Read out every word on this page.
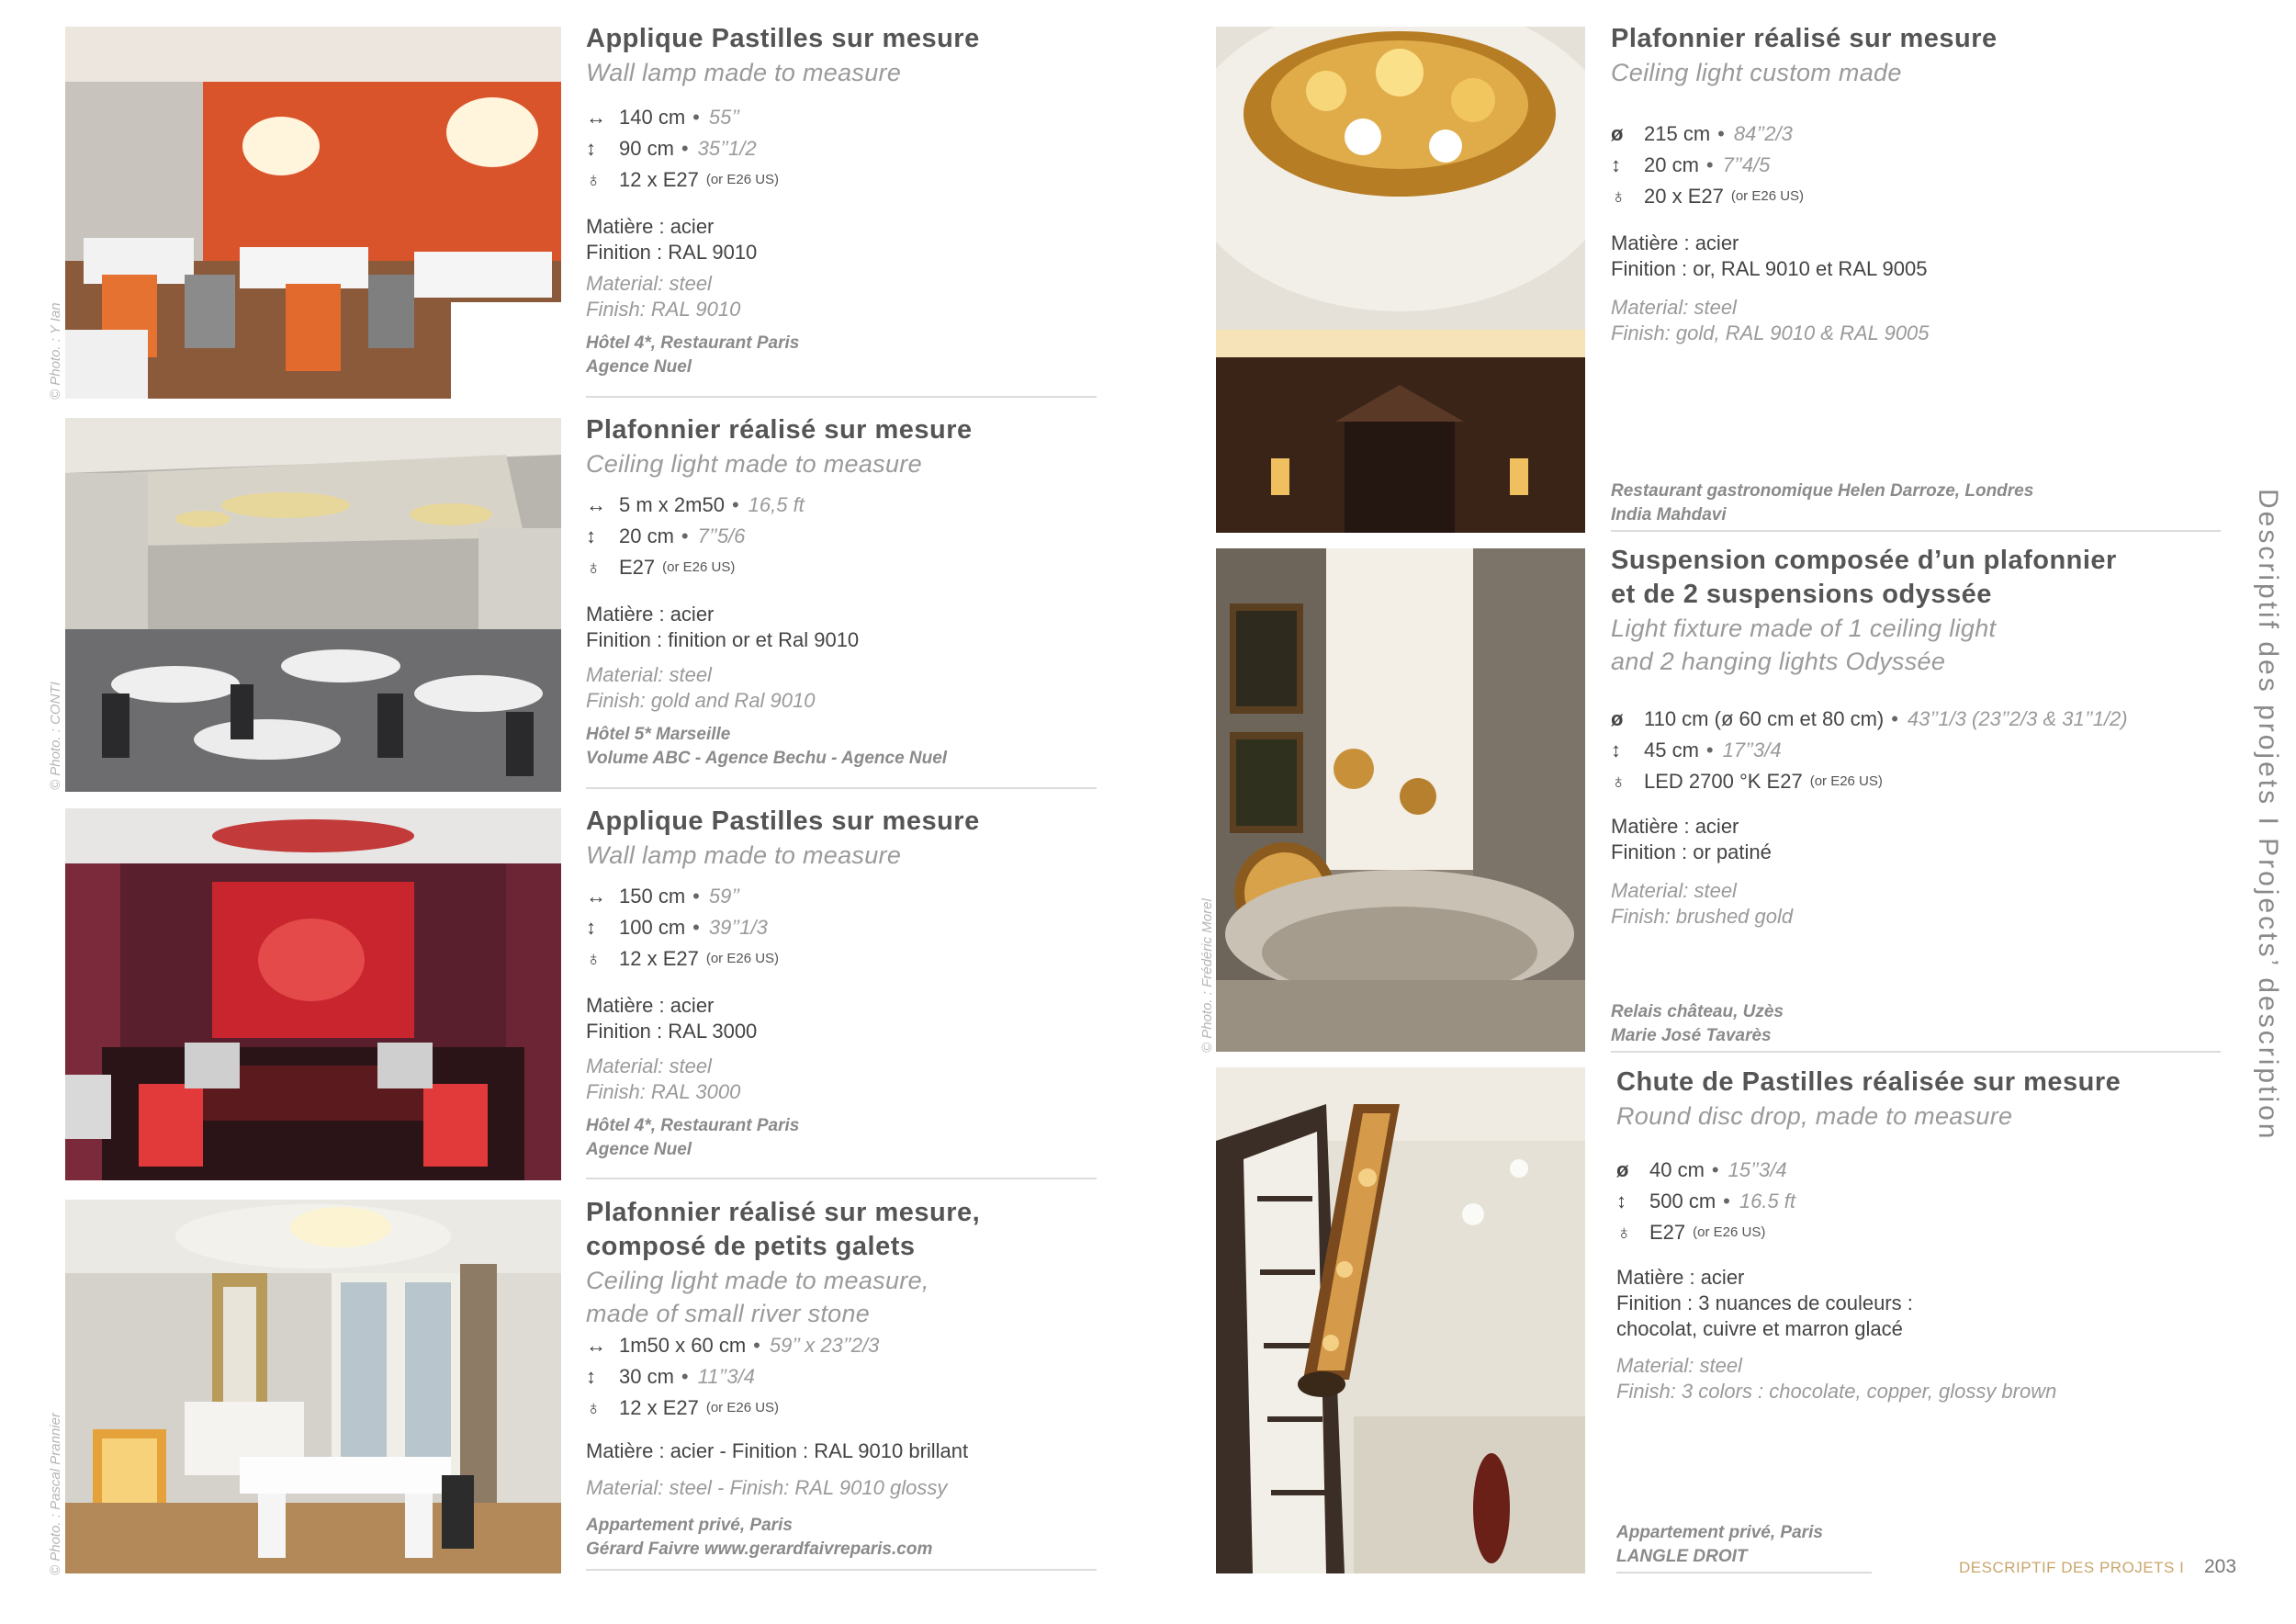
© Photo. : Y Ian
Applique Pastilles sur mesure
Wall lamp made to measure
↔ 140 cm • 55’’
↕	90 cm • 35’’1/2
♁ 12 x E27 (or E26 US)
Matière : acier
Finition : RAL 9010
Material: steel
Finish: RAL 9010
Hôtel 4*, Restaurant Paris
Agence Nuel
© Photo. : CONTI
Plafonnier réalisé sur mesure
Ceiling light made to measure
↔ 5 m x 2m50 • 16,5 ft
↕	20 cm • 7’’5/6
♁ E27 (or E26 US)
Matière : acier
Finition : finition or et Ral 9010
Material: steel
Finish: gold and Ral 9010
Hôtel 5* Marseille
Volume ABC - Agence Bechu - Agence Nuel
Applique Pastilles sur mesure
Wall lamp made to measure
↔ 150 cm • 59’’
↕	100 cm • 39’’1/3
♁ 12 x E27 (or E26 US)
Matière : acier
Finition : RAL 3000
Material: steel
Finish: RAL 3000
Hôtel 4*, Restaurant Paris
Agence Nuel
© Photo. : Pascal Prannier
Plafonnier réalisé sur mesure,
composé de petits galets
Ceiling light made to measure,
made of small river stone
↔ 1m50 x 60 cm • 59’’ x 23’’2/3
↕	30 cm • 11’’3/4
♁ 12 x E27 (or E26 US)
Matière : acier - Finition : RAL 9010 brillant
Material: steel - Finish: RAL 9010 glossy
Appartement privé, Paris
Gérard Faivre www.gerardfaivreparis.com
Plafonnier réalisé sur mesure
Ceiling light custom made
ø	215 cm • 84’’2/3
↕	20 cm • 7’’4/5
♁ 20 x E27 (or E26 US)
Matière : acier
Finition : or, RAL 9010 et RAL 9005
Material: steel
Finish: gold, RAL 9010 & RAL 9005
Restaurant gastronomique Helen Darroze, Londres
India Mahdavi
© Photo. : Frédéric Morel
Suspension composée d’un plafonnier
et de 2 suspensions odyssée
Light fixture made of 1 ceiling light
and 2 hanging lights Odyssée
ø	110 cm (ø 60 cm et 80 cm) • 43’’1/3 (23’’2/3 & 31’’1/2)
↕	45 cm • 17’’3/4
♁ LED 2700 °K E27 (or E26 US)
Matière : acier
Finition : or patiné
Material: steel
Finish: brushed gold
Relais château, Uzès
Marie José Tavarès
Chute de Pastilles réalisée sur mesure
Round disc drop, made to measure
ø	40 cm • 15’’3/4
↕	500 cm • 16.5 ft
♁ E27 (or E26 US)
Matière : acier
Finition : 3 nuances de couleurs :
chocolat, cuivre et marron glacé
Material: steel
Finish: 3 colors : chocolate, copper, glossy brown
Appartement privé, Paris
LANGLE DROIT
Descriptif des projets I Projects’ description
DESCRIPTIF DES PROJETS I 203
